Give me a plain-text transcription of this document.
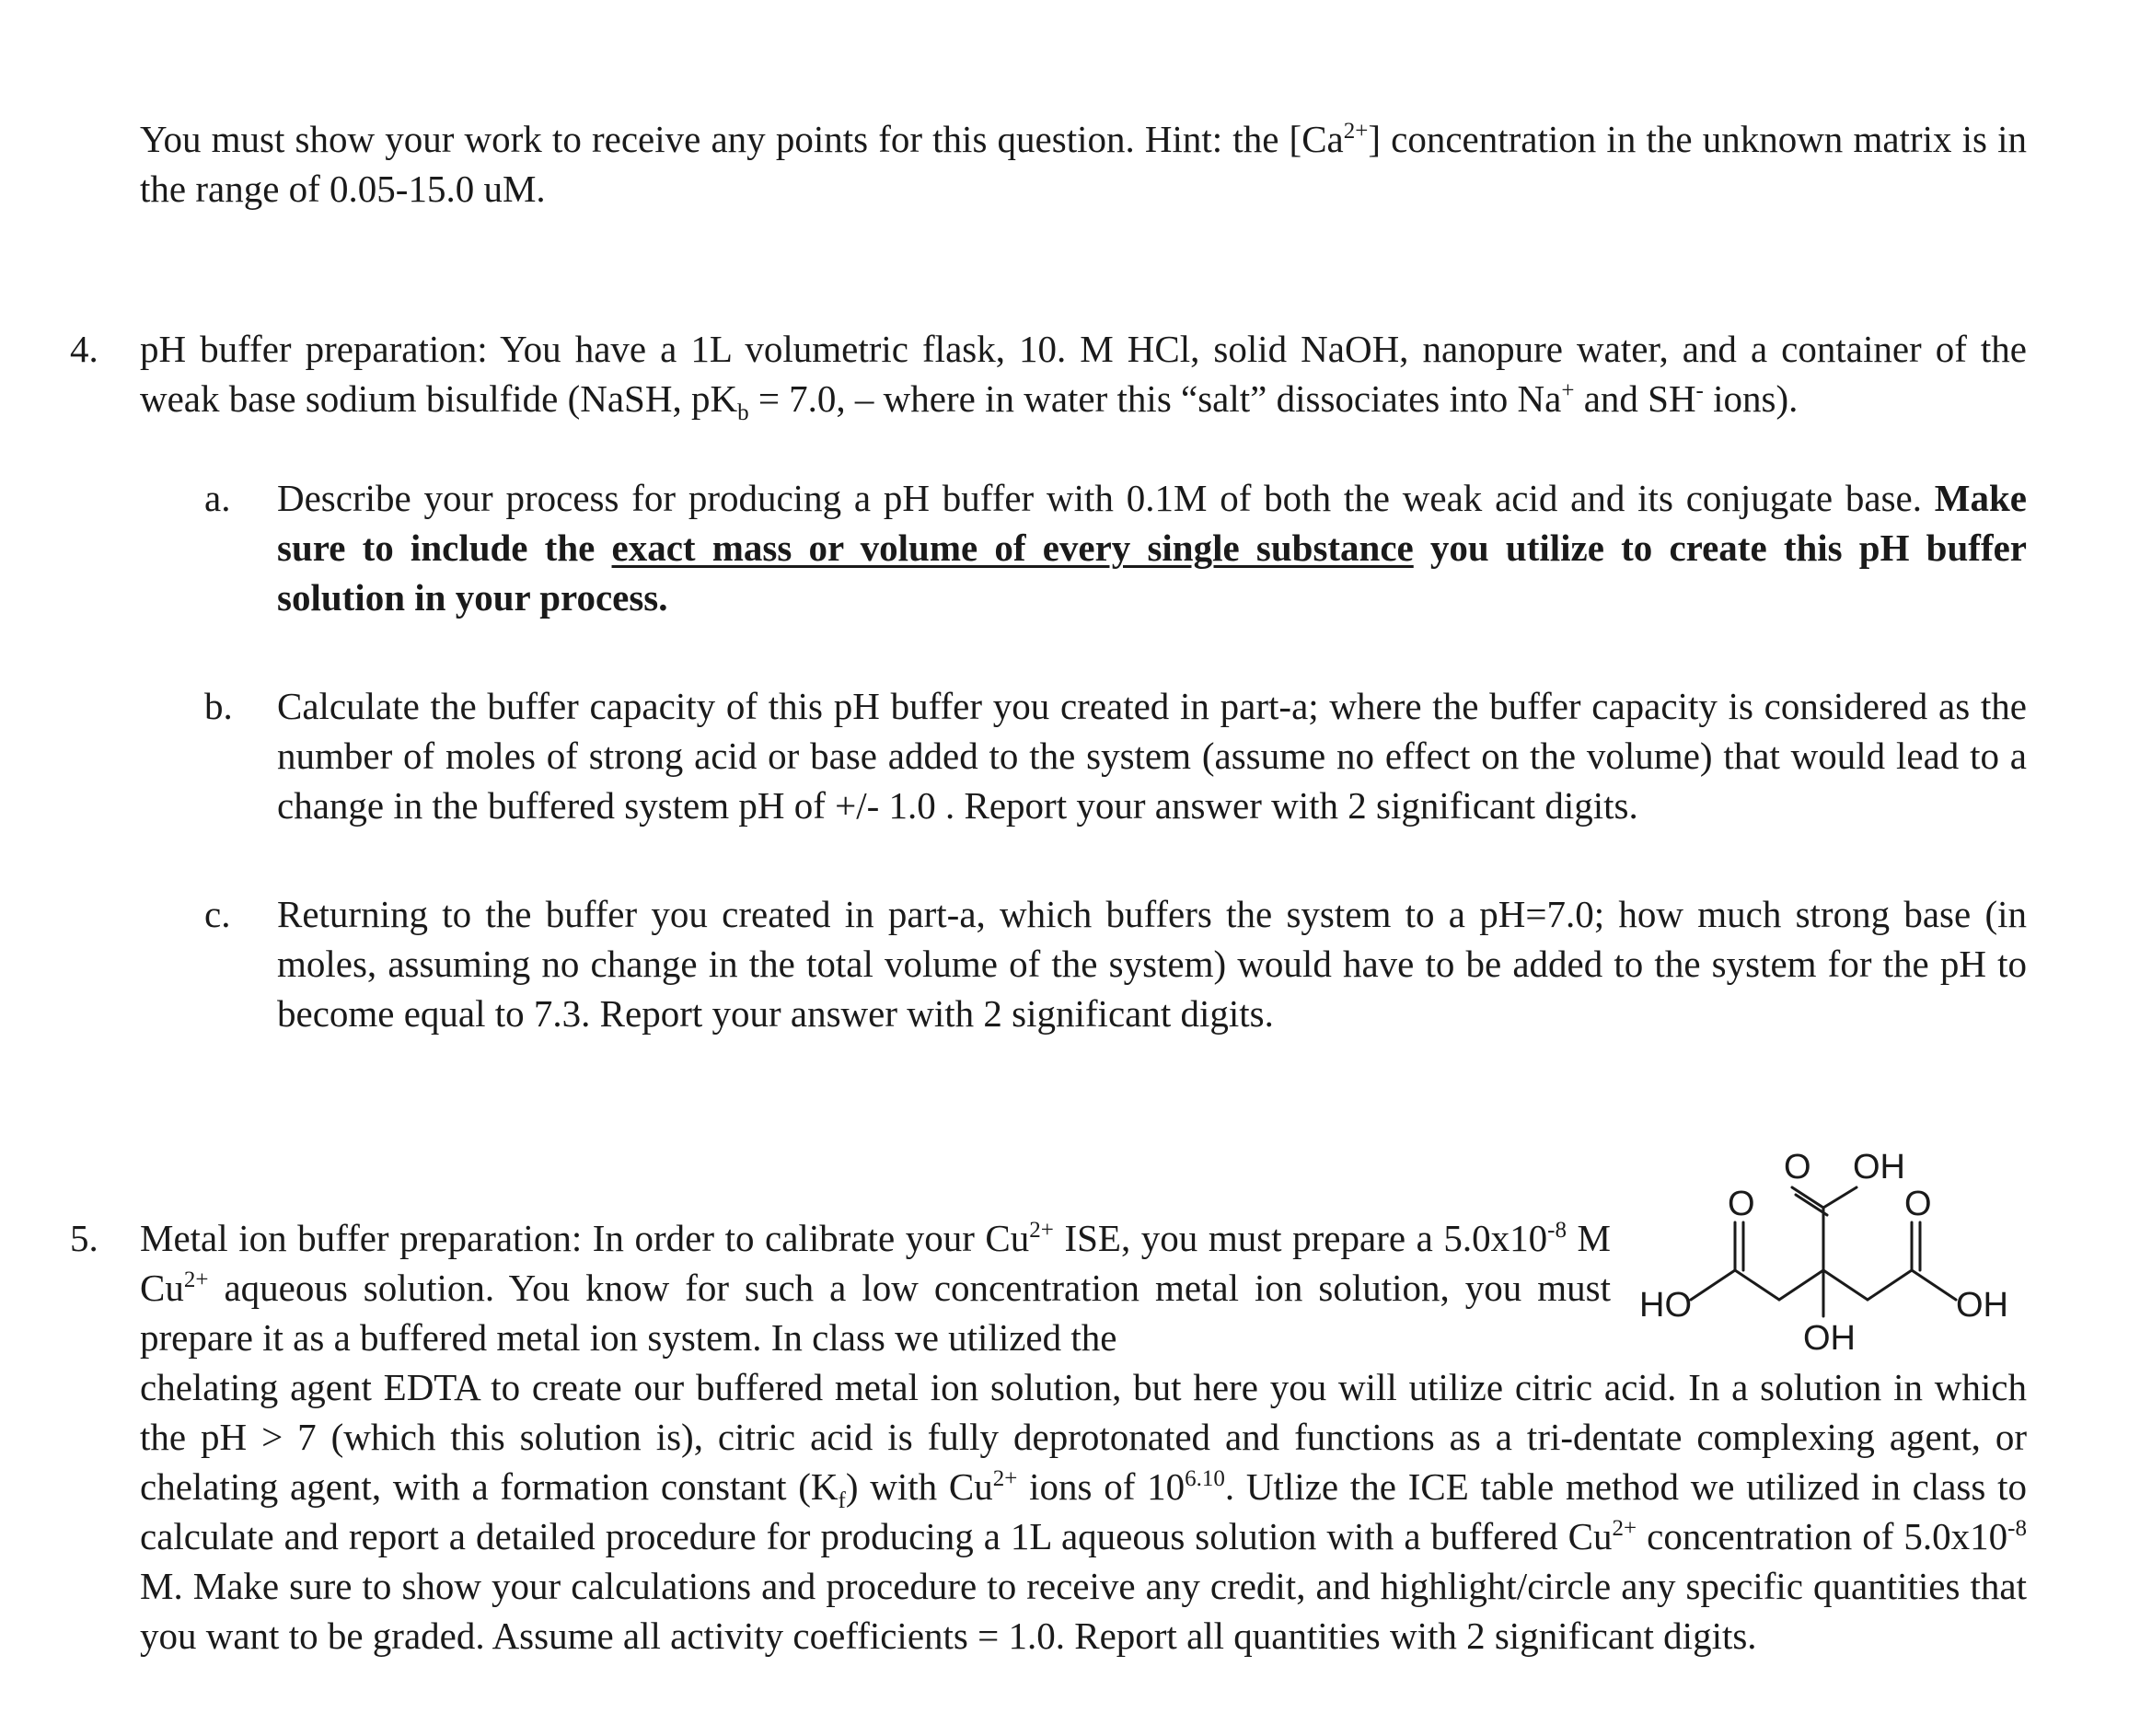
You must show your work to receive any points for this question. Hint: the $[Ca^{2+}]$ concentration in the unknown matrix is in the range of 0.05-15.0 uM.
4. pH buffer preparation: You have a 1L volumetric flask, 10. M HCl, solid NaOH, nanopure water, and a container of the weak base sodium bisulfide (NaSH, $pK_b = 7.0$, – where in water this “salt” dissociates into Na+ and SH- ions).
a. Describe your process for producing a pH buffer with 0.1M of both the weak acid and its conjugate base. Make sure to include the exact mass or volume of every single substance you utilize to create this pH buffer solution in your process.
b. Calculate the buffer capacity of this pH buffer you created in part-a; where the buffer capacity is considered as the number of moles of strong acid or base added to the system (assume no effect on the volume) that would lead to a change in the buffered system pH of +/- 1.0 . Report your answer with 2 significant digits.
c. Returning to the buffer you created in part-a, which buffers the system to a pH=7.0; how much strong base (in moles, assuming no change in the total volume of the system) would have to be added to the system for the pH to become equal to 7.3. Report your answer with 2 significant digits.
5. Metal ion buffer preparation: In order to calibrate your $Cu^{2+}$ ISE, you must prepare a $5.0x10^{-8}$ M $Cu^{2+}$ aqueous solution. You know for such a low concentration metal ion solution, you must prepare it as a buffered metal ion system. In class we utilized the
chelating agent EDTA to create our buffered metal ion solution, but here you will utilize citric acid. In a solution in which the pH > 7 (which this solution is), citric acid is fully deprotonated and functions as a tri-dentate complexing agent, or chelating agent, with a formation constant $(K_f)$ with $Cu^{2+}$ ions of $10^{6.10}$. Utlize the ICE table method we utilized in class to calculate and report a detailed procedure for producing a 1L aqueous solution with a buffered $Cu^{2+}$ concentration of $5.0x10^{-8}$ M. Make sure to show your calculations and procedure to receive any credit, and highlight/circle any specific quantities that you want to be graded. Assume all activity coefficients = 1.0. Report all quantities with 2 significant digits.
O OH
O	O
HO	OH
OH
